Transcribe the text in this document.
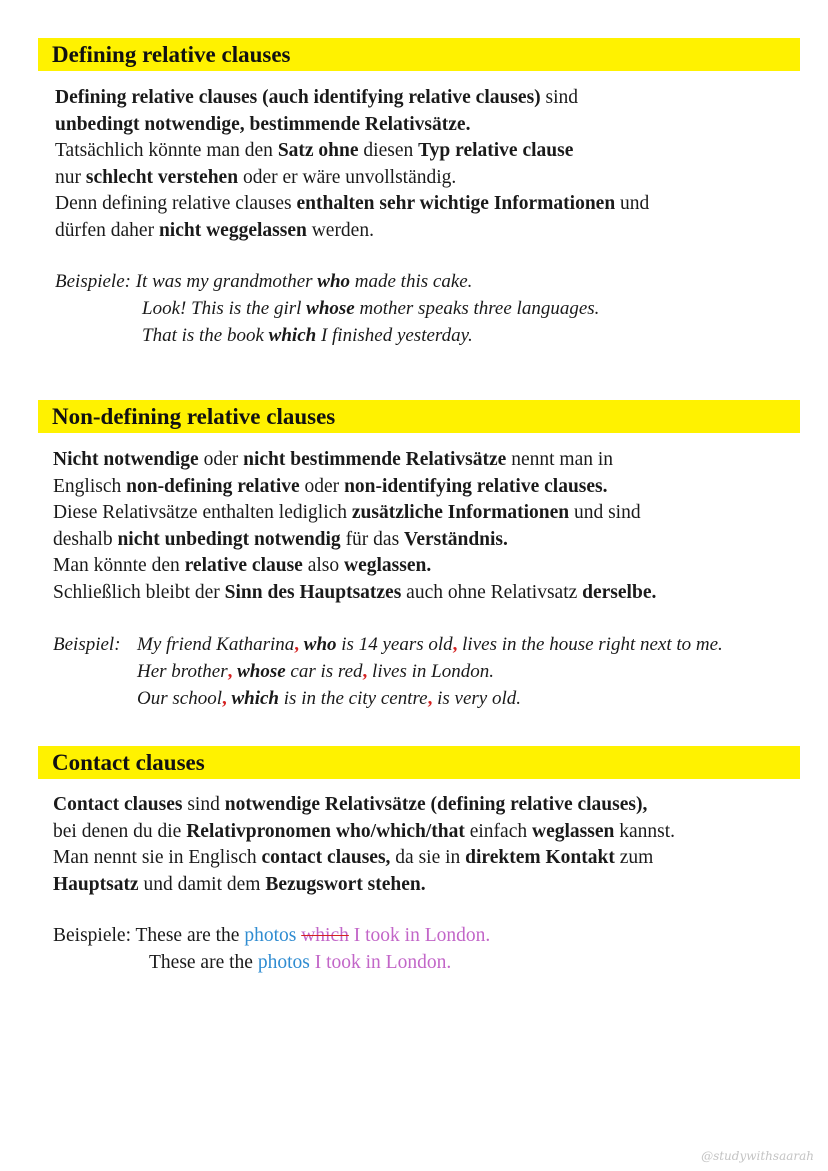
Defining relative clauses
Defining relative clauses (auch identifying relative clauses) sind
unbedingt notwendige, bestimmende Relativsätze.
Tatsächlich könnte man den Satz ohne diesen Typ relative clause
nur schlecht verstehen oder er wäre unvollständig.
Denn defining relative clauses enthalten sehr wichtige Informationen und
dürfen daher nicht weggelassen werden.
Beispiele: It was my grandmother who made this cake.
Look! This is the girl whose mother speaks three languages.
That is the book which I finished yesterday.
Non-defining relative clauses
Nicht notwendige oder nicht bestimmende Relativsätze nennt man in
Englisch non-defining relative oder non-identifying relative clauses.
Diese Relativsätze enthalten lediglich zusätzliche Informationen und sind
deshalb nicht unbedingt notwendig für das Verständnis.
Man könnte den relative clause also weglassen.
Schließlich bleibt der Sinn des Hauptsatzes auch ohne Relativsatz derselbe.
Beispiel: My friend Katharina, who is 14 years old, lives in the house right next to me.
Her brother, whose car is red, lives in London.
Our school, which is in the city centre, is very old.
Contact clauses
Contact clauses sind notwendige Relativsätze (defining relative clauses),
bei denen du die Relativpronomen who/which/that einfach weglassen kannst.
Man nennt sie in Englisch contact clauses, da sie in direktem Kontakt zum
Hauptsatz und damit dem Bezugswort stehen.
Beispiele: These are the photos which I took in London.
These are the photos I took in London.
@studywithsaarah
